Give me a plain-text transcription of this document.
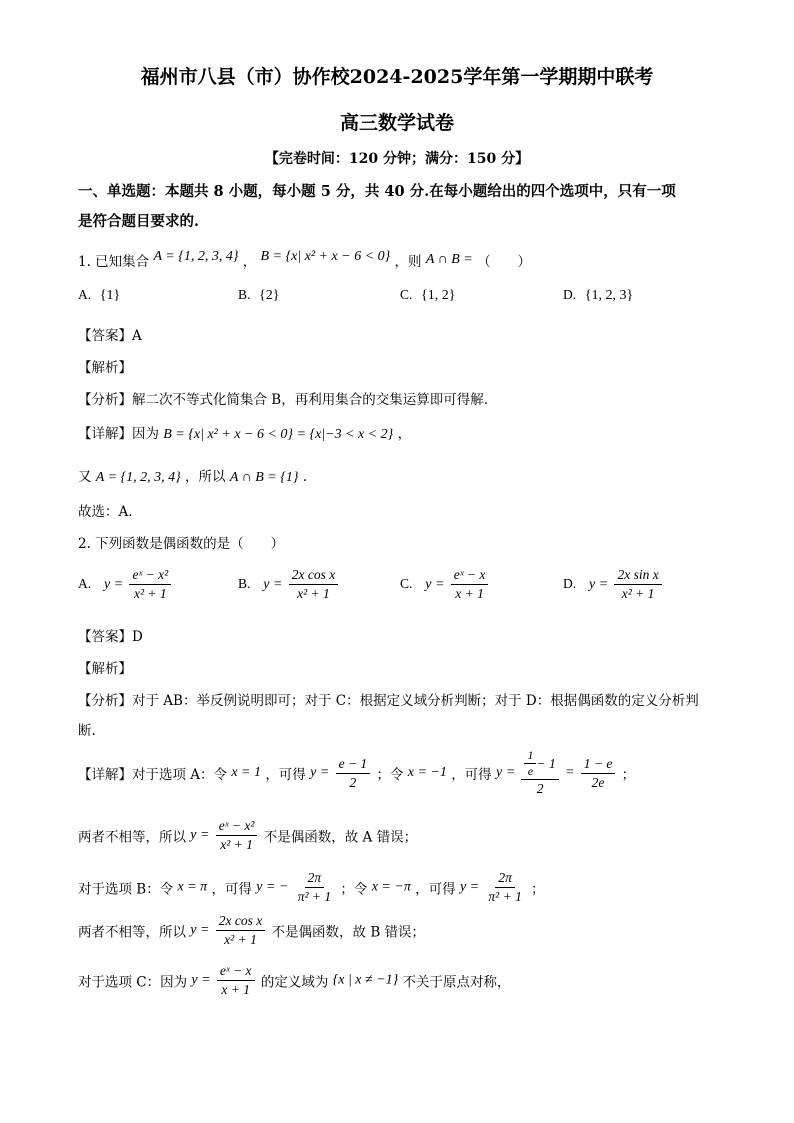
福州市八县（市）协作校2024-2025学年第一学期期中联考
高三数学试卷
【完卷时间：120 分钟；满分：150 分】
一、单选题：本题共 8 小题，每小题 5 分，共 40 分.在每小题给出的四个选项中，只有一项
是符合题目要求的.
1. 已知集合 A = {1, 2, 3, 4} ， B = {x| x² + x − 6 < 0} ，则 A ∩ B = （　　）
A. {1}	B. {2}	C. {1, 2}	D. {1, 2, 3}
【答案】A
【解析】
【分析】解二次不等式化简集合 B，再利用集合的交集运算即可得解.
【详解】因为 B = {x| x² + x − 6 < 0} = {x|−3 < x < 2} ，
又 A = {1, 2, 3, 4} ，所以 A ∩ B = {1} .
故选：A.
2. 下列函数是偶函数的是（　　）
A. $y = \frac{\text{eˣ − x²}}{\text{x² + 1}}$	B. $y = \frac{\text{2x cos x}}{\text{x² + 1}}$	C. $y = \frac{\text{eˣ − x}}{x + 1}$	D. $y = \frac{\text{2x sin x}}{\text{x² + 1}}$
【答案】D
【解析】
【分析】对于 AB：举反例说明即可；对于 C：根据定义域分析判断；对于 D：根据偶函数的定义分析判
断.
【详解】对于选项 A：令 x = 1 ，可得 $y = \frac{e - 1}{2}$ ；令 x = −1 ，可得 $y = \frac{\frac{1}{e} - 1}{2} = \frac{1 - e}{2e}$ ；
两者不相等，所以 $y = \frac{\text{eˣ − x²}}{\text{x² + 1}}$ 不是偶函数，故 A 错误；
对于选项 B：令 x = π ，可得 y = − $\frac{2\pi}{\text{π² + 1}}$ ；令 x = −π ，可得 $y = \frac{2\pi}{\text{π² + 1}}$ ；
两者不相等，所以 $y = \frac{\text{2x cos x}}{\text{x² + 1}}$ 不是偶函数，故 B 错误；
对于选项 C：因为 $y = \frac{\text{eˣ − x}}{x + 1}$ 的定义域为 {x | x ≠ −1} 不关于原点对称，
